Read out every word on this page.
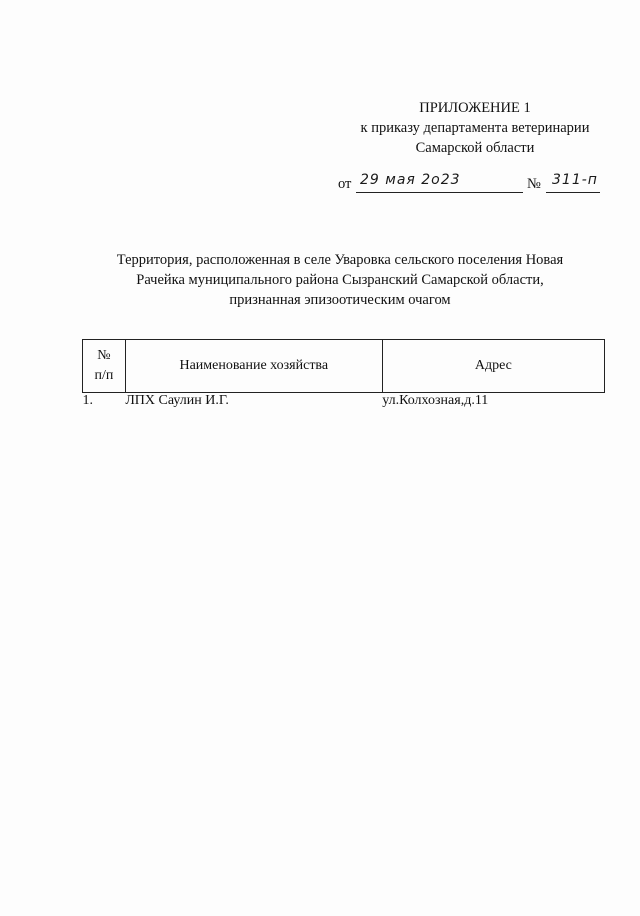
ПРИЛОЖЕНИЕ 1
к приказу департамента ветеринарии
Самарской области
от 29 мая 2о23	№ 311-п
Территория, расположенная в селе Уваровка сельского поселения Новая
Рачейка муниципального района Сызранский Самарской области,
признанная эпизоотическим очагом
№
п/п	Наименование хозяйства	Адрес
1.	ЛПХ Саулин И.Г.	ул.Колхозная,д.11
